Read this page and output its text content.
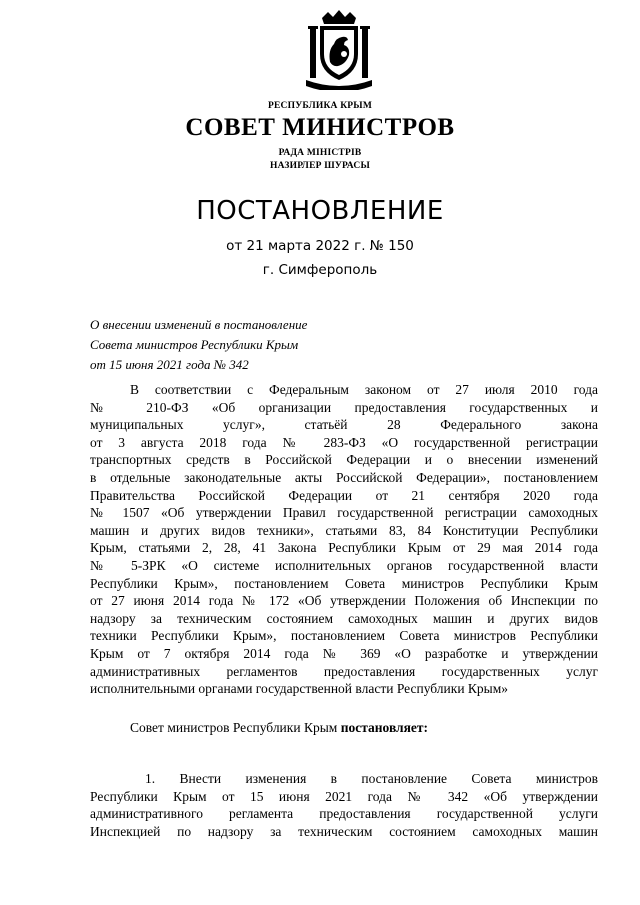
РЕСПУБЛИКА КРЫМ
СОВЕТ МИНИСТРОВ
РАДА МІНІСТРІВ
НАЗИРЛЕР ШУРАСЫ
ПОСТАНОВЛЕНИЕ
от 21 марта 2022 г. № 150
г. Симферополь
О внесении изменений в постановление
Совета министров Республики Крым
от 15 июня 2021 года № 342
В соответствии с Федеральным законом от 27 июля 2010 года
№ 210-ФЗ «Об организации предоставления государственных и
муниципальных услуг», статьёй 28 Федерального закона
от 3 августа 2018 года № 283-ФЗ «О государственной регистрации
транспортных средств в Российской Федерации и о внесении изменений
в отдельные законодательные акты Российской Федерации», постановлением
Правительства Российской Федерации от 21 сентября 2020 года
№ 1507 «Об утверждении Правил государственной регистрации самоходных
машин и других видов техники», статьями 83, 84 Конституции Республики
Крым, статьями 2, 28, 41 Закона Республики Крым от 29 мая 2014 года
№ 5-ЗРК «О системе исполнительных органов государственной власти
Республики Крым», постановлением Совета министров Республики Крым
от 27 июня 2014 года № 172 «Об утверждении Положения об Инспекции по
надзору за техническим состоянием самоходных машин и других видов
техники Республики Крым», постановлением Совета министров Республики
Крым от 7 октября 2014 года № 369 «О разработке и утверждении
административных регламентов предоставления государственных услуг
исполнительными органами государственной власти Республики Крым»
Совет министров Республики Крым постановляет:
1. Внести изменения в постановление Совета министров
Республики Крым от 15 июня 2021 года № 342 «Об утверждении
административного регламента предоставления государственной услуги
Инспекцией по надзору за техническим состоянием самоходных машин
